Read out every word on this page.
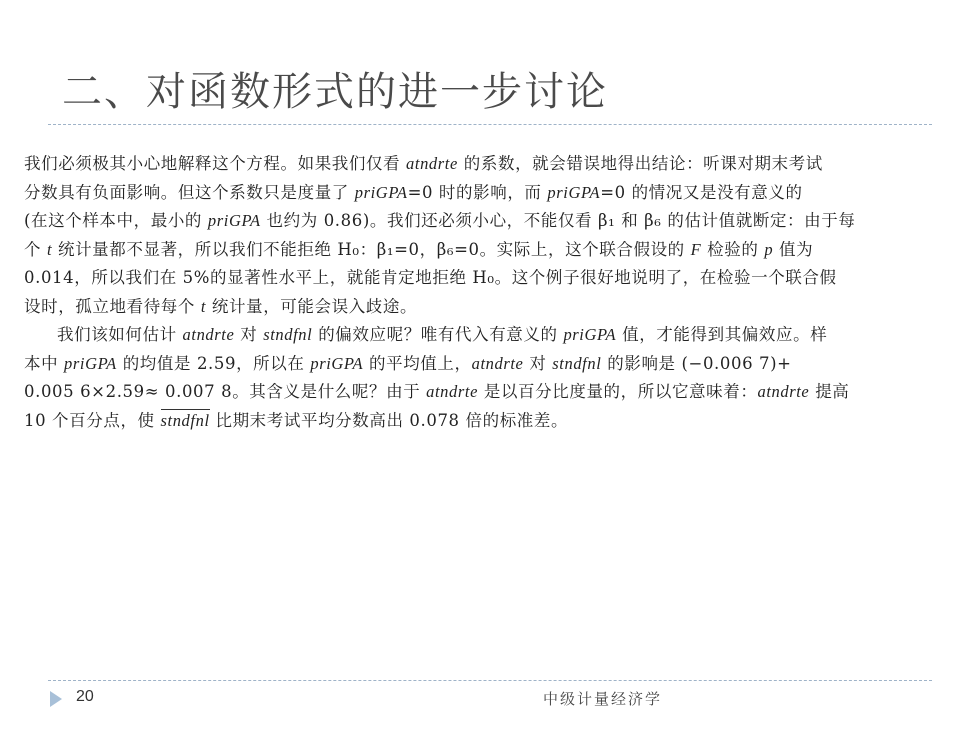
二、对函数形式的进一步讨论

我们必须极其小心地解释这个方程。如果我们仅看 atndrte 的系数，就会错误地得出结论：听课对期末考试
分数具有负面影响。但这个系数只是度量了 priGPA=0 时的影响，而 priGPA=0 的情况又是没有意义的
(在这个样本中，最小的 priGPA 也约为 0.86)。我们还必须小心，不能仅看 β₁ 和 β₆ 的估计值就断定：由于每
个 t 统计量都不显著，所以我们不能拒绝 H₀：β₁=0，β₆=0。实际上，这个联合假设的 F 检验的 p 值为
0.014，所以我们在 5%的显著性水平上，就能肯定地拒绝 H₀。这个例子很好地说明了，在检验一个联合假
设时，孤立地看待每个 t 统计量，可能会误入歧途。

我们该如何估计 atndrte 对 stndfnl 的偏效应呢？唯有代入有意义的 priGPA 值，才能得到其偏效应。样
本中 priGPA 的均值是 2.59，所以在 priGPA 的平均值上，atndrte 对 stndfnl 的影响是 (−0.006 7)+
0.005 6×2.59≈ 0.007 8。其含义是什么呢？由于 atndrte 是以百分比度量的，所以它意味着：atndrte 提高
10 个百分点，使 stndfnl 比期末考试平均分数高出 0.078 倍的标准差。

20	中级计量经济学
